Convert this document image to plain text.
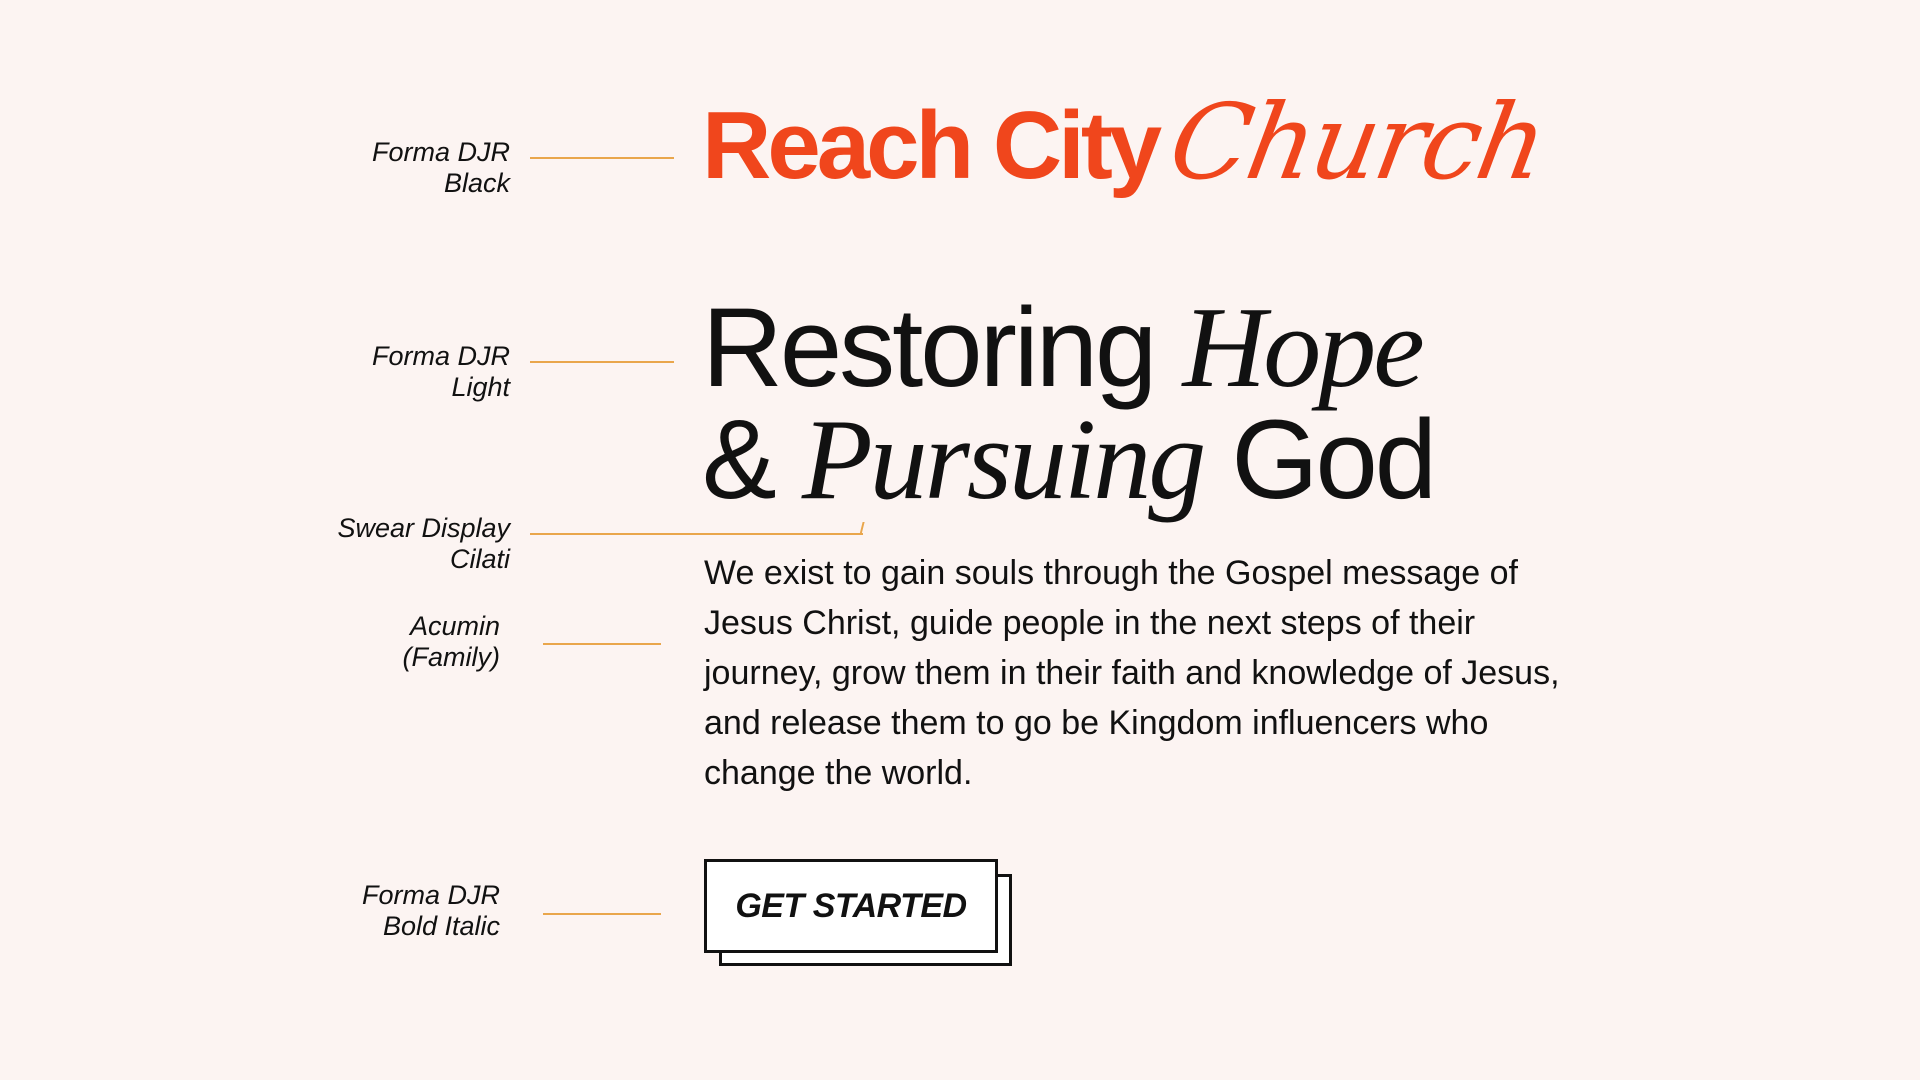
Forma DJR
Black

Forma DJR
Light

Swear Display
Cilati

Acumin
(Family)

Forma DJR
Bold Italic

Reach CityChurch
Restoring Hope
& Pursuing God

We exist to gain souls through the Gospel message of Jesus Christ, guide people in the next steps of their journey, grow them in their faith and knowledge of Jesus, and release them to go be Kingdom influencers who change the world.

GET STARTED
